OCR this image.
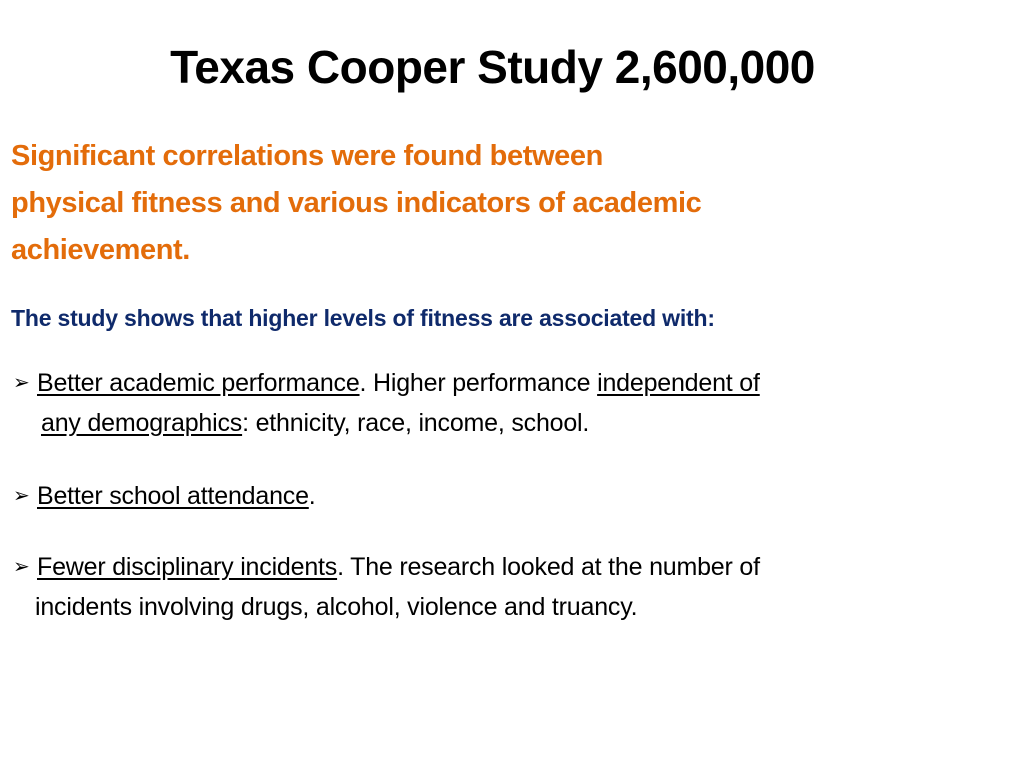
Texas Cooper Study 2,600,000
Significant correlations were found between
physical fitness and various indicators of academic
achievement.
The study shows that higher levels of fitness are associated with:
➢ Better academic performance. Higher performance independent of
any demographics: ethnicity, race, income, school.
➢ Better school attendance.
➢ Fewer disciplinary incidents. The research looked at the number of
incidents involving drugs, alcohol, violence and truancy.
